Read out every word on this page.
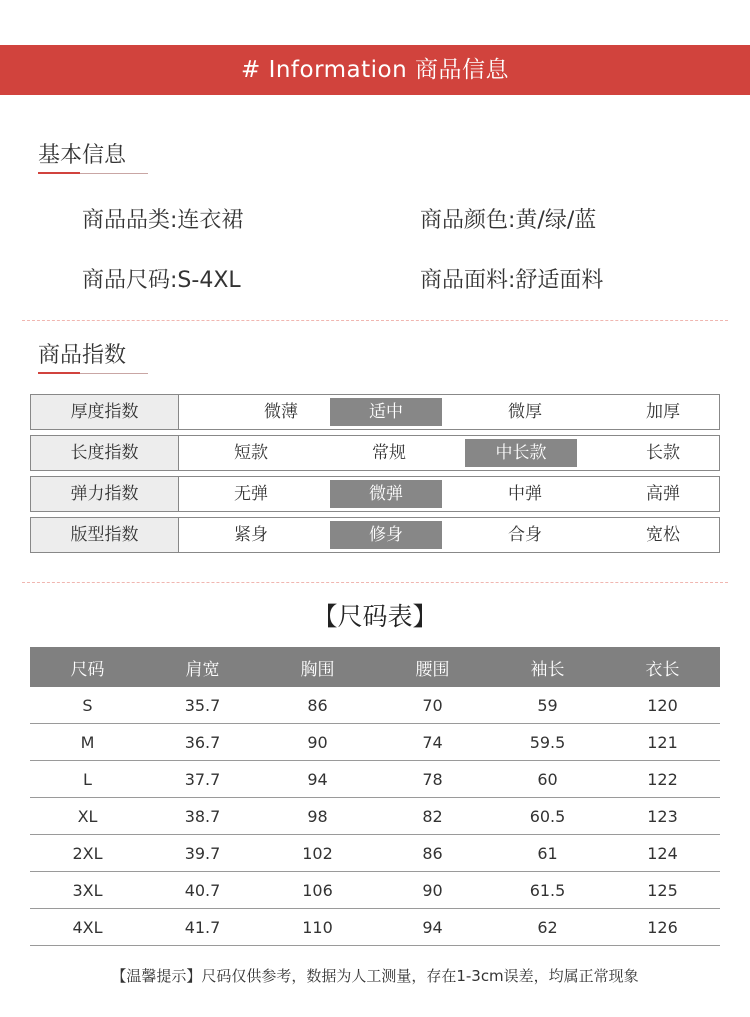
# Information 商品信息
基本信息
商品品类:连衣裙	商品颜色:黄/绿/蓝
商品尺码:S-4XL	商品面料:舒适面料
商品指数
厚度指数	微薄	适中	微厚	加厚
长度指数	短款	常规	中长款	长款
弹力指数	无弹	微弹	中弹	高弹
版型指数	紧身	修身	合身	宽松
【尺码表】
尺码	肩宽	胸围	腰围	袖长	衣长
S	35.7	86	70	59	120
M	36.7	90	74	59.5	121
L	37.7	94	78	60	122
XL	38.7	98	82	60.5	123
2XL	39.7	102	86	61	124
3XL	40.7	106	90	61.5	125
4XL	41.7	110	94	62	126
【温馨提示】尺码仅供参考，数据为人工测量，存在1-3cm误差，均属正常现象
